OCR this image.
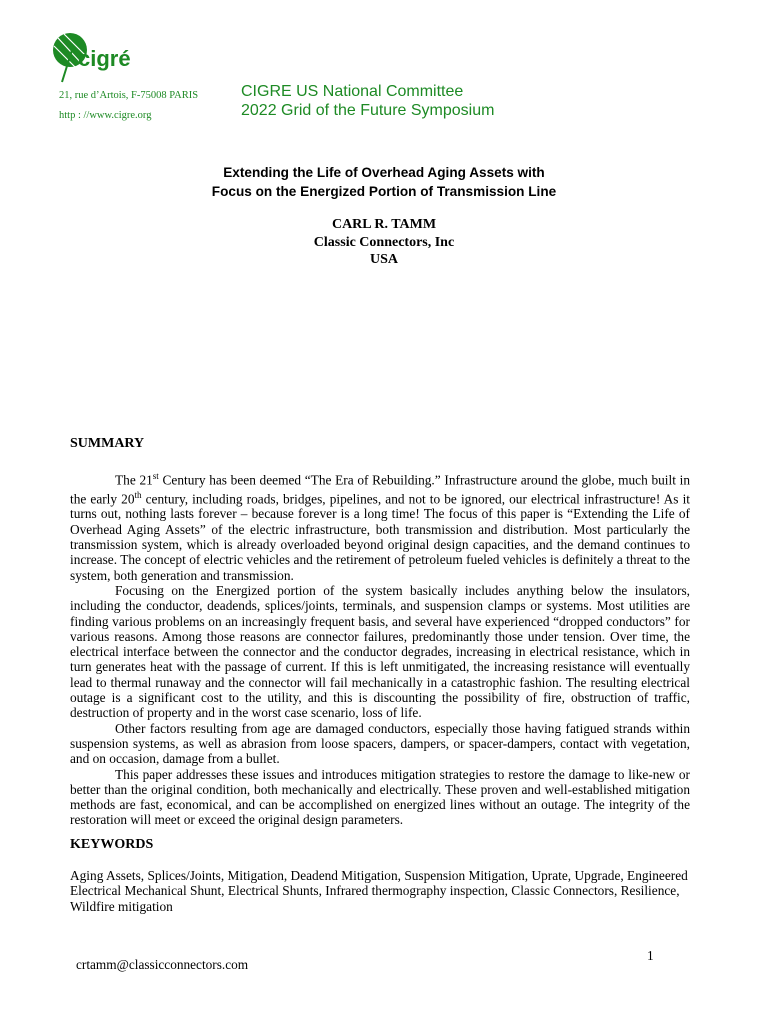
cigré
21, rue d’Artois, F-75008 PARIS
http : //www.cigre.org
CIGRE US National Committee
2022 Grid of the Future Symposium
Extending the Life of Overhead Aging Assets with
Focus on the Energized Portion of Transmission Line
CARL R. TAMM
Classic Connectors, Inc
USA
SUMMARY

The 21st Century has been deemed “The Era of Rebuilding.” Infrastructure around the globe, much built in the early 20th century, including roads, bridges, pipelines, and not to be ignored, our electrical infrastructure! As it turns out, nothing lasts forever – because forever is a long time! The focus of this paper is “Extending the Life of Overhead Aging Assets” of the electric infrastructure, both transmission and distribution. Most particularly the transmission system, which is already overloaded beyond original design capacities, and the demand continues to increase. The concept of electric vehicles and the retirement of petroleum fueled vehicles is definitely a threat to the system, both generation and transmission.

Focusing on the Energized portion of the system basically includes anything below the insulators, including the conductor, deadends, splices/joints, terminals, and suspension clamps or systems. Most utilities are finding various problems on an increasingly frequent basis, and several have experienced “dropped conductors” for various reasons. Among those reasons are connector failures, predominantly those under tension. Over time, the electrical interface between the connector and the conductor degrades, increasing in electrical resistance, which in turn generates heat with the passage of current. If this is left unmitigated, the increasing resistance will eventually lead to thermal runaway and the connector will fail mechanically in a catastrophic fashion. The resulting electrical outage is a significant cost to the utility, and this is discounting the possibility of fire, obstruction of traffic, destruction of property and in the worst case scenario, loss of life.

Other factors resulting from age are damaged conductors, especially those having fatigued strands within suspension systems, as well as abrasion from loose spacers, dampers, or spacer-dampers, contact with vegetation, and on occasion, damage from a bullet.

This paper addresses these issues and introduces mitigation strategies to restore the damage to like-new or better than the original condition, both mechanically and electrically. These proven and well-established mitigation methods are fast, economical, and can be accomplished on energized lines without an outage. The integrity of the restoration will meet or exceed the original design parameters.

KEYWORDS
Aging Assets, Splices/Joints, Mitigation, Deadend Mitigation, Suspension Mitigation, Uprate, Upgrade, Engineered Electrical Mechanical Shunt, Electrical Shunts, Infrared thermography inspection, Classic Connectors, Resilience, Wildfire mitigation
crtamm@classicconnectors.com
1
